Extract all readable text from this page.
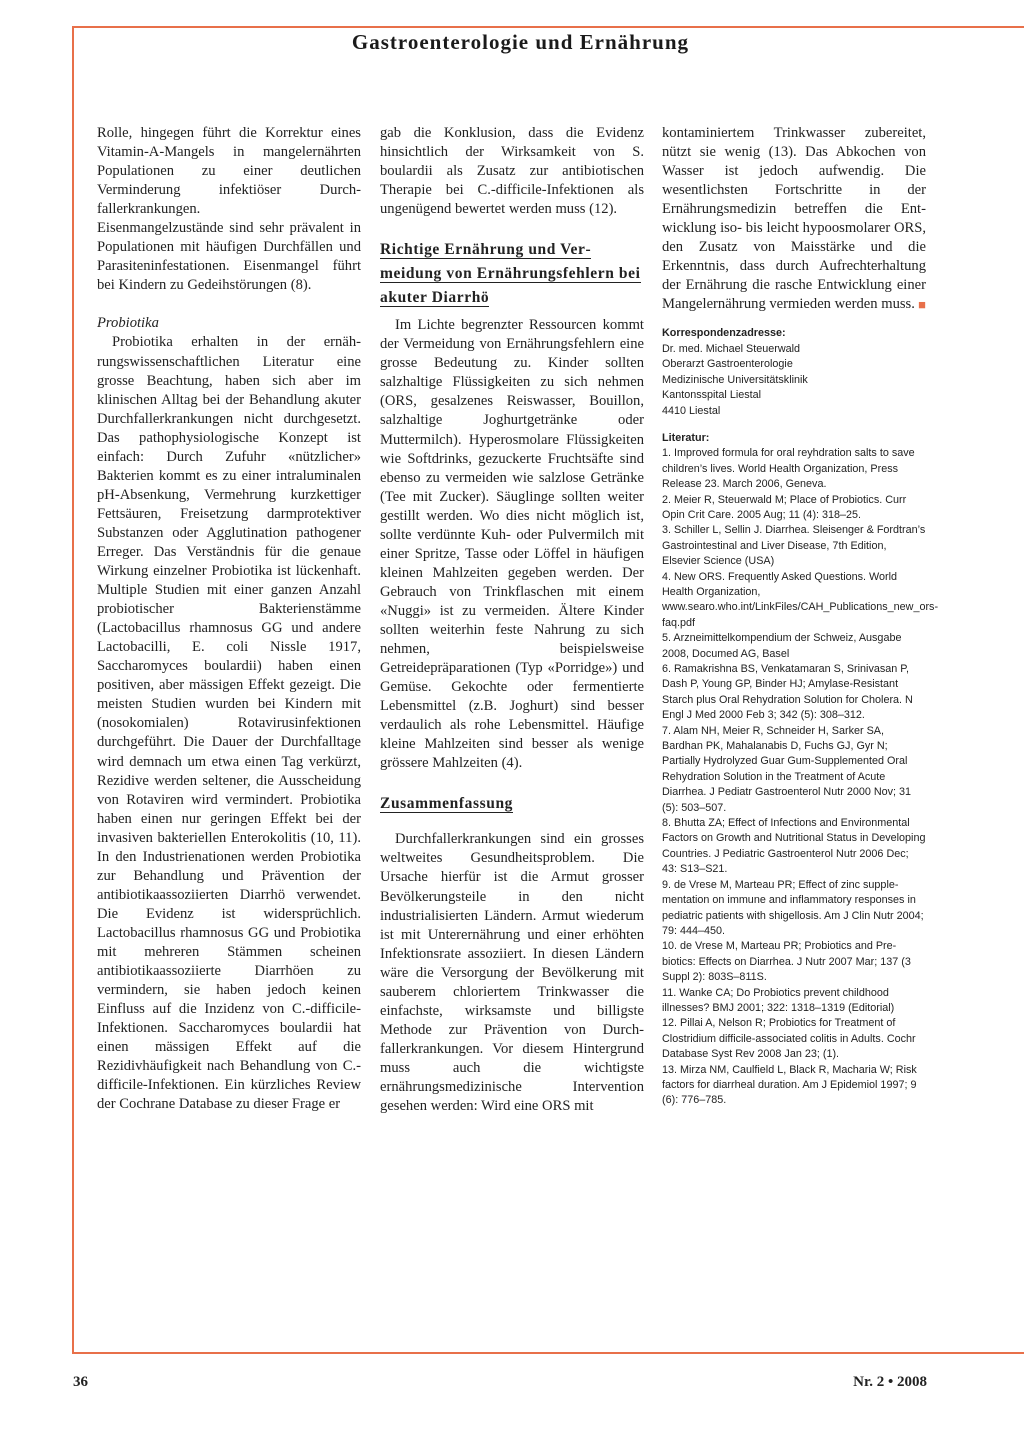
Gastroenterologie und Ernährung

Rolle, hingegen führt die Korrektur eines Vitamin-A-Mangels in mangelernährten Populationen zu einer deutlichen Verminderung infektiöser Durchfallerkrankungen.

Eisenmangelzustände sind sehr prävalent in Populationen mit häufigen Durchfällen und Parasiteninfestationen. Eisenmangel führt bei Kindern zu Gedeihstörungen (8).

Probiotika

Probiotika erhalten in der ernährungswissenschaftlichen Literatur eine grosse Beachtung, haben sich aber im klinischen Alltag bei der Behandlung akuter Durchfallerkrankungen nicht durchgesetzt. Das pathophysiologische Konzept ist einfach: Durch Zufuhr «nützlicher» Bakterien kommt es zu einer intraluminalen pH-Absenkung, Vermehrung kurzkettiger Fettsäuren, Freisetzung darmprotektiver Substanzen oder Agglutination pathogener Erreger. Das Verständnis für die genaue Wirkung einzelner Probiotika ist lückenhaft. Multiple Studien mit einer ganzen Anzahl probiotischer Bakterienstämme (Lactobacillus rhamnosus GG und andere Lactobacilli, E. coli Nissle 1917, Saccharomyces boulardii) haben einen positiven, aber mässigen Effekt gezeigt. Die meisten Studien wurden bei Kindern mit (nosokomialen) Rotavirusinfektionen durchgeführt. Die Dauer der Durchfalltage wird demnach um etwa einen Tag verkürzt, Rezidive werden seltener, die Ausscheidung von Rotaviren wird vermindert. Probiotika haben einen nur geringen Effekt bei der invasiven bakteriellen Enterokolitis (10, 11). In den Industrienationen werden Probiotika zur Behandlung und Prävention der antibiotikaassoziierten Diarrhö verwendet. Die Evidenz ist widersprüchlich. Lactobacillus rhamnosus GG und Probiotika mit mehreren Stämmen scheinen antibiotikaassoziierte Diarrhöen zu vermindern, sie haben jedoch keinen Einfluss auf die Inzidenz von C.-difficile-Infektionen. Saccharomyces boulardii hat einen mässigen Effekt auf die Rezidivhäufigkeit nach Behandlung von C.-difficile-Infektionen. Ein kürzliches Review der Cochrane Database zu dieser Frage er

gab die Konklusion, dass die Evidenz hinsichtlich der Wirksamkeit von S. boulardii als Zusatz zur antibiotischen Therapie bei C.-difficile-Infektionen als ungenügend bewertet werden muss (12).

Richtige Ernährung und Vermeidung von Ernährungsfehlern bei akuter Diarrhö

Im Lichte begrenzter Ressourcen kommt der Vermeidung von Ernährungsfehlern eine grosse Bedeutung zu. Kinder sollten salzhaltige Flüssigkeiten zu sich nehmen (ORS, gesalzenes Reiswasser, Bouillon, salzhaltige Joghurtgetränke oder Muttermilch). Hyperosmolare Flüssigkeiten wie Softdrinks, gezuckerte Fruchtsäfte sind ebenso zu vermeiden wie salzlose Getränke (Tee mit Zucker). Säuglinge sollten weiter gestillt werden. Wo dies nicht möglich ist, sollte verdünnte Kuh- oder Pulvermilch mit einer Spritze, Tasse oder Löffel in häufigen kleinen Mahlzeiten gegeben werden. Der Gebrauch von Trinkflaschen mit einem «Nuggi» ist zu vermeiden. Ältere Kinder sollten weiterhin feste Nahrung zu sich nehmen, beispielsweise Getreidepräparationen (Typ «Porridge») und Gemüse. Gekochte oder fermentierte Lebensmittel (z.B. Joghurt) sind besser verdaulich als rohe Lebensmittel. Häufige kleine Mahlzeiten sind besser als wenige grössere Mahlzeiten (4).

Zusammenfassung

Durchfallerkrankungen sind ein grosses weltweites Gesundheitsproblem. Die Ursache hierfür ist die Armut grosser Bevölkerungsteile in den nicht industrialisierten Ländern. Armut wiederum ist mit Unterernährung und einer erhöhten Infektionsrate assoziiert. In diesen Ländern wäre die Versorgung der Bevölkerung mit sauberem chloriertem Trinkwasser die einfachste, wirksamste und billigste Methode zur Prävention von Durchfallerkrankungen. Vor diesem Hintergrund muss auch die wichtigste ernährungsmedizinische Intervention gesehen werden: Wird eine ORS mit

kontaminiertem Trinkwasser zubereitet, nützt sie wenig (13). Das Abkochen von Wasser ist jedoch aufwendig. Die wesentlichsten Fortschritte in der Ernährungsmedizin betreffen die Entwicklung iso- bis leicht hypoosmolarer ORS, den Zusatz von Maisstärke und die Erkenntnis, dass durch Aufrechterhaltung der Ernährung die rasche Entwicklung einer Mangelernährung vermieden werden muss. ■

Korrespondenzadresse:
Dr. med. Michael Steuerwald
Oberarzt Gastroenterologie
Medizinische Universitätsklinik
Kantonsspital Liestal
4410 Liestal
Literatur:

1. Improved formula for oral reyhdration salts to save children’s lives. World Health Organization, Press Release 23. March 2006, Geneva.

2. Meier R, Steuerwald M; Place of Probiotics. Curr Opin Crit Care. 2005 Aug; 11 (4): 318–25.

3. Schiller L, Sellin J. Diarrhea. Sleisenger & Fordtran’s Gastrointestinal and Liver Disease, 7th Edition, Elsevier Science (USA)

4. New ORS. Frequently Asked Questions. World Health Organization, www.searo.who.int/LinkFiles/CAH_Publications_new_ors-faq.pdf

5. Arzneimittelkompendium der Schweiz, Ausgabe 2008, Documed AG, Basel

6. Ramakrishna BS, Venkatamaran S, Srinivasan P, Dash P, Young GP, Binder HJ; Amylase-Resistant Starch plus Oral Rehydration Solution for Cholera. N Engl J Med 2000 Feb 3; 342 (5): 308–312.

7. Alam NH, Meier R, Schneider H, Sarker SA, Bardhan PK, Mahalanabis D, Fuchs GJ, Gyr N; Partially Hydrolyzed Guar Gum-Supplemented Oral Rehydration Solution in the Treatment of Acute Diarrhea. J Pediatr Gastroenterol Nutr 2000 Nov; 31 (5): 503–507.

8. Bhutta ZA; Effect of Infections and Environmental Factors on Growth and Nutritional Status in Developing Countries. J Pediatric Gastroenterol Nutr 2006 Dec; 43: S13–S21.

9. de Vrese M, Marteau PR; Effect of zinc supplementation on immune and inflammatory responses in pediatric patients with shigellosis. Am J Clin Nutr 2004; 79: 444–450.

10. de Vrese M, Marteau PR; Probiotics and Prebiotics: Effects on Diarrhea. J Nutr 2007 Mar; 137 (3 Suppl 2): 803S–811S.

11. Wanke CA; Do Probiotics prevent childhood illnesses? BMJ 2001; 322: 1318–1319 (Editorial)

12. Pillai A, Nelson R; Probiotics for Treatment of Clostridium difficile-associated colitis in Adults. Cochr Database Syst Rev 2008 Jan 23; (1).

13. Mirza NM, Caulfield L, Black R, Macharia W; Risk factors for diarrheal duration. Am J Epidemiol 1997; 9 (6): 776–785.

36	Nr. 2 • 2008
